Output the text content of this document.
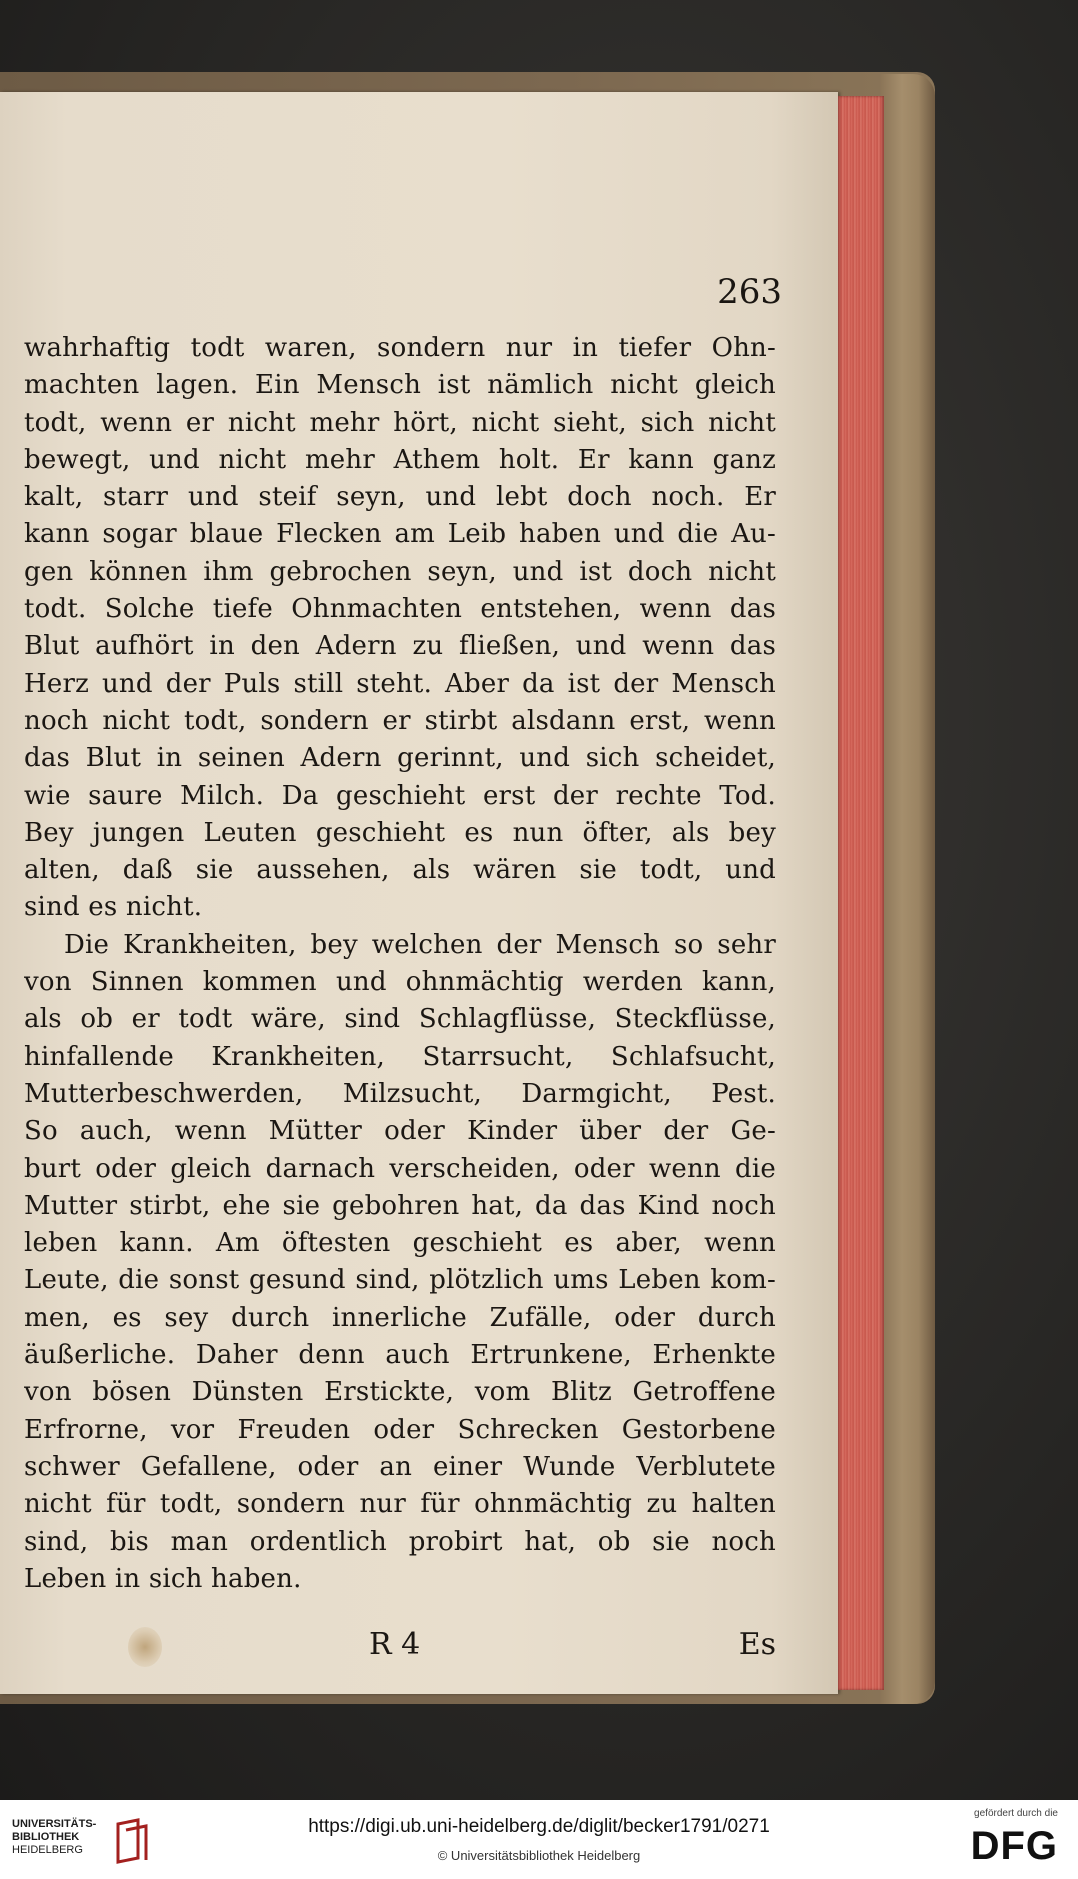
263
wahrhaftig todt waren, sondern nur in tiefer Ohn-
machten lagen. Ein Mensch ist nämlich nicht gleich
todt, wenn er nicht mehr hört, nicht sieht, sich nicht
bewegt, und nicht mehr Athem holt. Er kann ganz
kalt, starr und steif seyn, und lebt doch noch. Er
kann sogar blaue Flecken am Leib haben und die Au-
gen können ihm gebrochen seyn, und ist doch nicht
todt. Solche tiefe Ohnmachten entstehen, wenn das
Blut aufhört in den Adern zu fließen, und wenn das
Herz und der Puls still steht. Aber da ist der Mensch
noch nicht todt, sondern er stirbt alsdann erst, wenn
das Blut in seinen Adern gerinnt, und sich scheidet,
wie saure Milch. Da geschieht erst der rechte Tod.
Bey jungen Leuten geschieht es nun öfter, als bey
alten, daß sie aussehen, als wären sie todt, und
sind es nicht.
Die Krankheiten, bey welchen der Mensch so sehr
von Sinnen kommen und ohnmächtig werden kann,
als ob er todt wäre, sind Schlagflüsse, Steckflüsse,
hinfallende Krankheiten, Starrsucht, Schlafsucht,
Mutterbeschwerden, Milzsucht, Darmgicht, Pest.
So auch, wenn Mütter oder Kinder über der Ge-
burt oder gleich darnach verscheiden, oder wenn die
Mutter stirbt, ehe sie gebohren hat, da das Kind noch
leben kann. Am öftesten geschieht es aber, wenn
Leute, die sonst gesund sind, plötzlich ums Leben kom-
men, es sey durch innerliche Zufälle, oder durch
äußerliche. Daher denn auch Ertrunkene, Erhenkte
von bösen Dünsten Erstickte, vom Blitz Getroffene
Erfrorne, vor Freuden oder Schrecken Gestorbene
schwer Gefallene, oder an einer Wunde Verblutete
nicht für todt, sondern nur für ohnmächtig zu halten
sind, bis man ordentlich probirt hat, ob sie noch
Leben in sich haben.
R 4	Es
UNIVERSITÄTS-
BIBLIOTHEK
HEIDELBERG
https://digi.ub.uni-heidelberg.de/diglit/becker1791/0271
© Universitätsbibliothek Heidelberg
gefördert durch die
DFG
